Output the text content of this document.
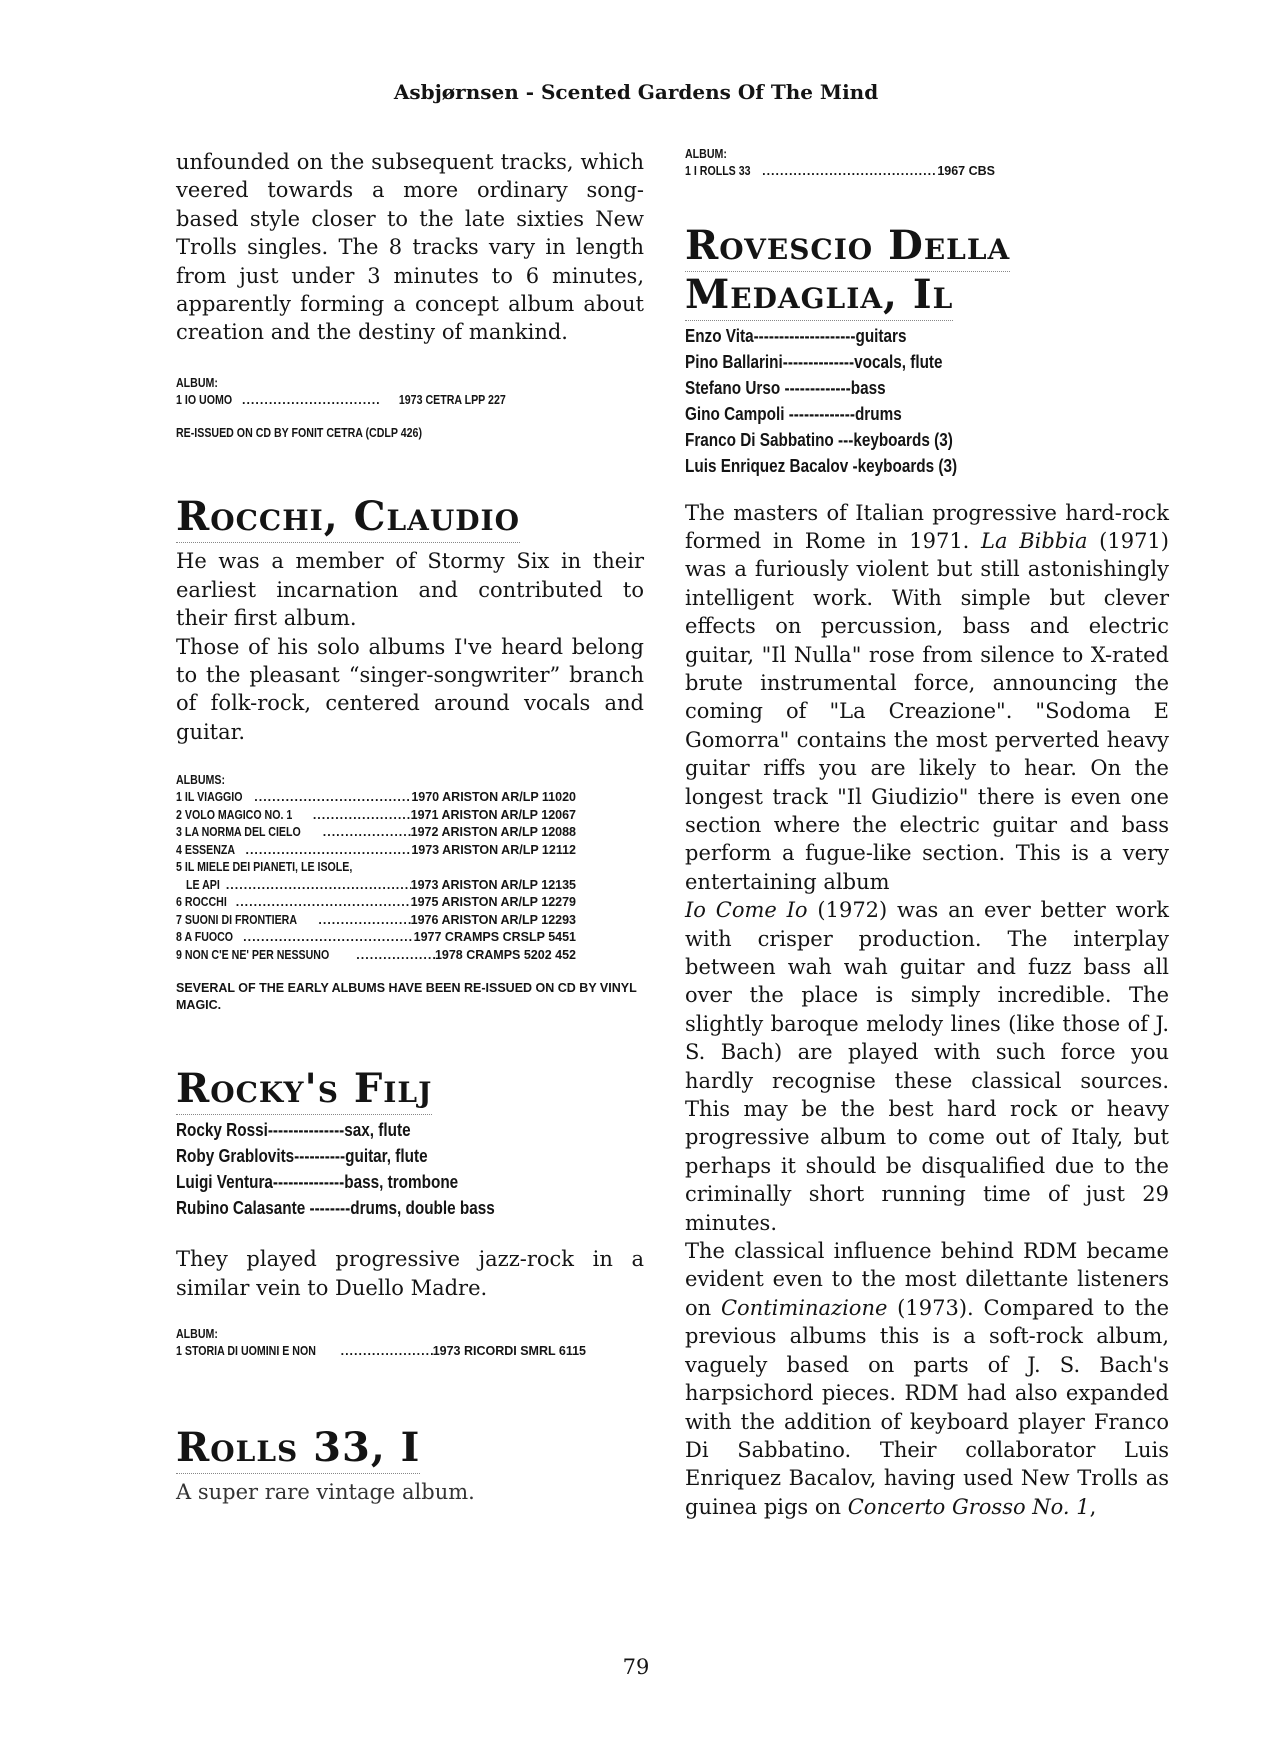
Asbjørnsen - Scented Gardens Of The Mind

unfounded on the subsequent tracks, which veered towards a more ordinary song-based style closer to the late sixties New Trolls singles. The 8 tracks vary in length from just under 3 minutes to 6 minutes, apparently forming a concept album about creation and the destiny of mankind.

ALBUM:
1 IO UOMO .....	1973 CETRA LPP 227
RE-ISSUED ON CD BY FONIT CETRA (CDLP 426)
Rocchi, Claudio

He was a member of Stormy Six in their earliest incarnation and contributed to their first album.

Those of his solo albums I've heard belong to the pleasant “singer-songwriter” branch of folk-rock, centered around vocals and guitar.

ALBUMS:
1 IL VIAGGIO .....	1970 ARISTON AR/LP 11020
2 VOLO MAGICO NO. 1 .....	1971 ARISTON AR/LP 12067
3 LA NORMA DEL CIELO .....	1972 ARISTON AR/LP 12088
4 ESSENZA .....	1973 ARISTON AR/LP 12112
5 IL MIELE DEI PIANETI, LE ISOLE,
LE API .....	1973 ARISTON AR/LP 12135
6 ROCCHI .....	1975 ARISTON AR/LP 12279
7 SUONI DI FRONTIERA .....	1976 ARISTON AR/LP 12293
8 A FUOCO .....	1977 CRAMPS CRSLP 5451
9 NON C'E NE' PER NESSUNO .....	1978 CRAMPS 5202 452
SEVERAL OF THE EARLY ALBUMS HAVE BEEN RE-ISSUED ON CD BY VINYL MAGIC.
Rocky's Filj
Rocky Rossi---------------sax, flute
Roby Grablovits----------guitar, flute
Luigi Ventura--------------bass, trombone
Rubino Calasante --------drums, double bass

They played progressive jazz-rock in a similar vein to Duello Madre.

ALBUM:
1 STORIA DI UOMINI E NON .....	1973 RICORDI SMRL 6115
Rolls 33, I

A super rare vintage album.

ALBUM:
1 I ROLLS 33 .....	1967 CBS
Rovescio Della
Medaglia, Il
Enzo Vita--------------------guitars
Pino Ballarini--------------vocals, flute
Stefano Urso -------------bass
Gino Campoli -------------drums
Franco Di Sabbatino ---keyboards (3)
Luis Enriquez Bacalov -keyboards (3)

The masters of Italian progressive hard-rock formed in Rome in 1971. La Bibbia (1971) was a furiously violent but still astonishingly intelligent work. With simple but clever effects on percussion, bass and electric guitar, "Il Nulla" rose from silence to X-rated brute instrumental force, announcing the coming of "La Creazione". "Sodoma E Gomorra" contains the most perverted heavy guitar riffs you are likely to hear. On the longest track "Il Giudizio" there is even one section where the electric guitar and bass perform a fugue-like section. This is a very entertaining album

Io Come Io (1972) was an ever better work with crisper production. The interplay between wah wah guitar and fuzz bass all over the place is simply incredible. The slightly baroque melody lines (like those of J. S. Bach) are played with such force you hardly recognise these classical sources. This may be the best hard rock or heavy progressive album to come out of Italy, but perhaps it should be disqualified due to the criminally short running time of just 29 minutes.

The classical influence behind RDM became evident even to the most dilettante listeners on Contiminazione (1973). Compared to the previous albums this is a soft-rock album, vaguely based on parts of J. S. Bach's harpsichord pieces. RDM had also expanded with the addition of keyboard player Franco Di Sabbatino. Their collaborator Luis Enriquez Bacalov, having used New Trolls as guinea pigs on Concerto Grosso No. 1,

79
